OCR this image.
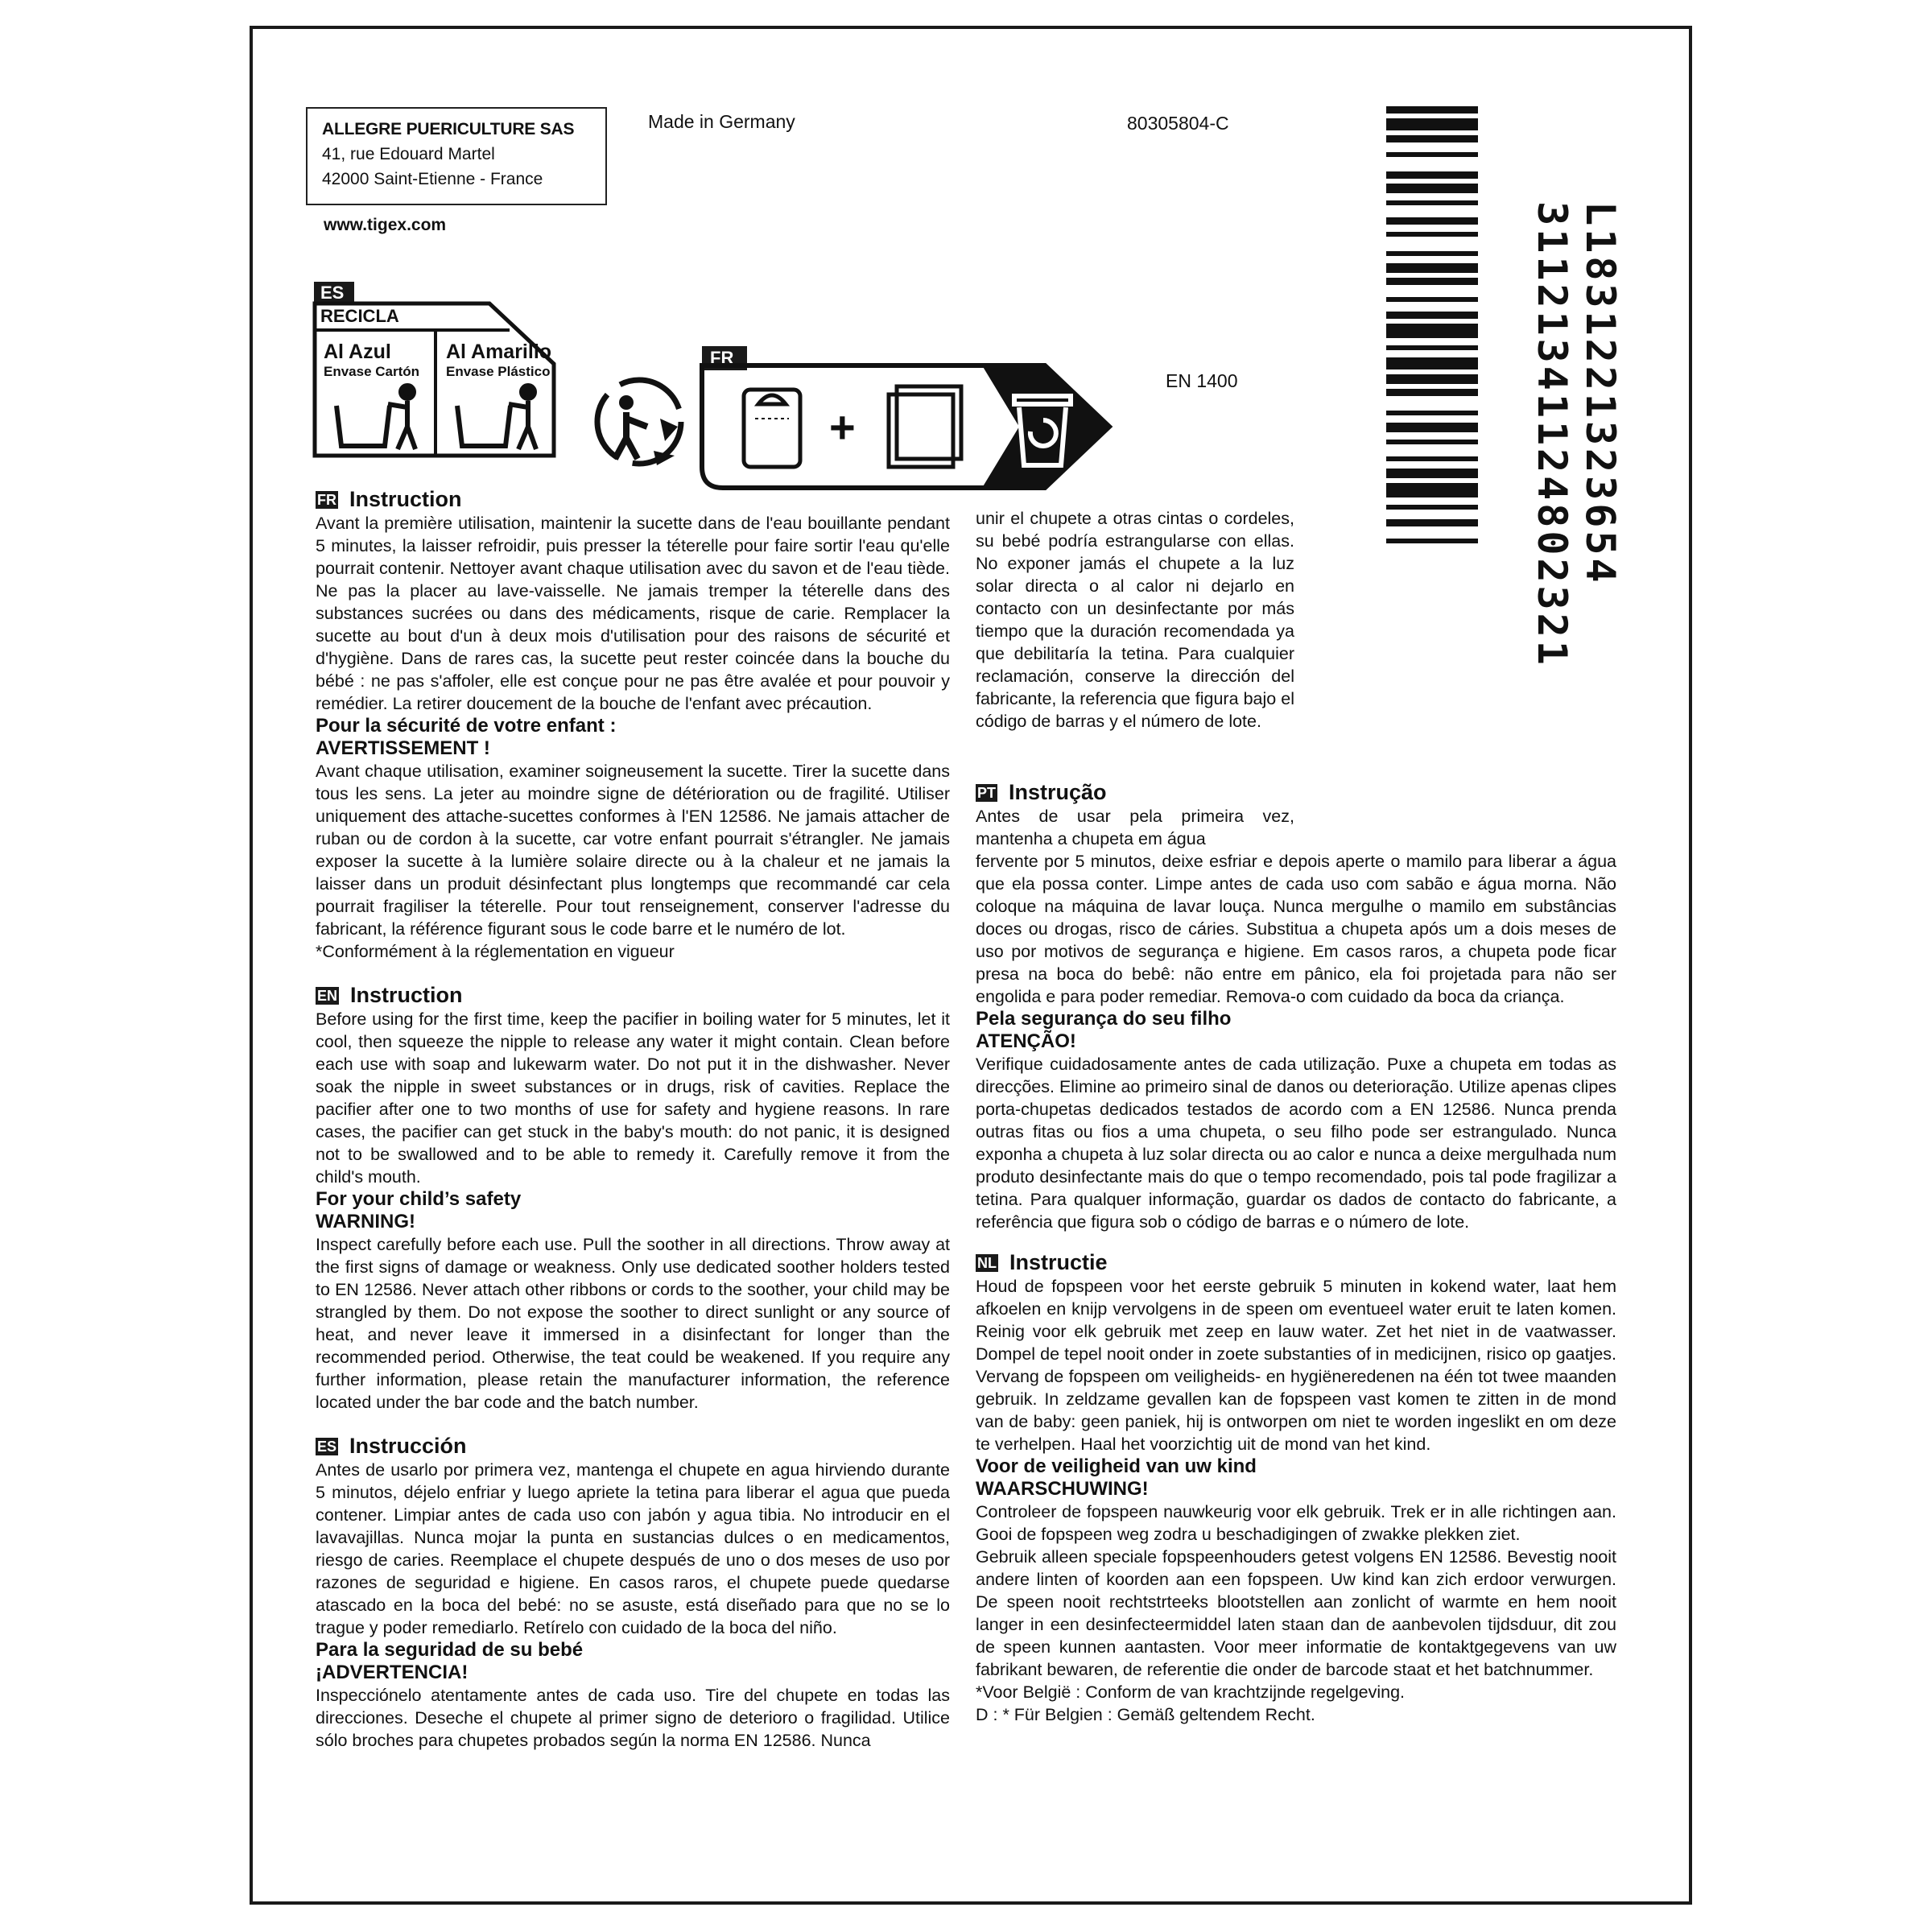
ALLEGRE PUERICULTURE SAS
41, rue Edouard Martel
42000 Saint-Etienne - France
www.tigex.com
Made in Germany	80305804-C
EN 1400	L1831221323654
31121341124802321
ES
RECICLA
Al Azul
Envase Cartón
Al Amarillo
Envase Plástico
FR
+
FR Instruction

Avant la première utilisation, maintenir la sucette dans de l'eau bouillante pendant 5 minutes, la laisser refroidir, puis presser la téterelle pour faire sortir l'eau qu'elle pourrait contenir. Nettoyer avant chaque utilisation avec du savon et de l'eau tiède. Ne pas la placer au lave-vaisselle. Ne jamais tremper la téterelle dans des substances sucrées ou dans des médicaments, risque de carie. Remplacer la sucette au bout d'un à deux mois d'utilisation pour des raisons de sécurité et d'hygiène. Dans de rares cas, la sucette peut rester coincée dans la bouche du bébé : ne pas s'affoler, elle est conçue pour ne pas être avalée et pour pouvoir y remédier. La retirer doucement de la bouche de l'enfant avec précaution.

Pour la sécurité de votre enfant :

AVERTISSEMENT !

Avant chaque utilisation, examiner soigneusement la sucette. Tirer la sucette dans tous les sens. La jeter au moindre signe de détérioration ou de fragilité. Utiliser uniquement des attache-sucettes conformes à l'EN 12586. Ne jamais attacher de ruban ou de cordon à la sucette, car votre enfant pourrait s'étrangler. Ne jamais exposer la sucette à la lumière solaire directe ou à la chaleur et ne jamais la laisser dans un produit désinfectant plus longtemps que recommandé car cela pourrait fragiliser la téterelle. Pour tout renseignement, conserver l'adresse du fabricant, la référence figurant sous le code barre et le numéro de lot.

*Conformément à la réglementation en vigueur

EN Instruction

Before using for the first time, keep the pacifier in boiling water for 5 minutes, let it cool, then squeeze the nipple to release any water it might contain. Clean before each use with soap and lukewarm water. Do not put it in the dishwasher. Never soak the nipple in sweet substances or in drugs, risk of cavities. Replace the pacifier after one to two months of use for safety and hygiene reasons. In rare cases, the pacifier can get stuck in the baby's mouth: do not panic, it is designed not to be swallowed and to be able to remedy it. Carefully remove it from the child's mouth.

For your child’s safety

WARNING!

Inspect carefully before each use. Pull the soother in all directions. Throw away at the first signs of damage or weakness. Only use dedicated soother holders tested to EN 12586. Never attach other ribbons or cords to the soother, your child may be strangled by them. Do not expose the soother to direct sunlight or any source of heat, and never leave it immersed in a disinfectant for longer than the recommended period. Otherwise, the teat could be weakened. If you require any further information, please retain the manufacturer information, the reference located under the bar code and the batch number.

ES Instrucción

Antes de usarlo por primera vez, mantenga el chupete en agua hirviendo durante 5 minutos, déjelo enfriar y luego apriete la tetina para liberar el agua que pueda contener. Limpiar antes de cada uso con jabón y agua tibia. No introducir en el lavavajillas. Nunca mojar la punta en sustancias dulces o en medicamentos, riesgo de caries. Reemplace el chupete después de uno o dos meses de uso por razones de seguridad e higiene. En casos raros, el chupete puede quedarse atascado en la boca del bebé: no se asuste, está diseñado para que no se lo trague y poder remediarlo. Retírelo con cuidado de la boca del niño.

Para la seguridad de su bebé

¡ADVERTENCIA!

Inspecciónelo atentamente antes de cada uso. Tire del chupete en todas las direcciones. Deseche el chupete al primer signo de deterioro o fragilidad. Utilice sólo broches para chupetes probados según la norma EN 12586. Nunca

unir el chupete a otras cintas o cordeles, su bebé podría estrangularse con ellas. No exponer jamás el chupete a la luz solar directa o al calor ni dejarlo en contacto con un desinfectante por más tiempo que la duración recomendada ya que debilitaría la tetina. Para cualquier reclamación, conserve la dirección del fabricante, la referencia que figura bajo el código de barras y el número de lote.

PT Instrução

Antes de usar pela primeira vez, mantenha a chupeta em água

fervente por 5 minutos, deixe esfriar e depois aperte o mamilo para liberar a água que ela possa conter. Limpe antes de cada uso com sabão e água morna. Não coloque na máquina de lavar louça. Nunca mergulhe o mamilo em substâncias doces ou drogas, risco de cáries. Substitua a chupeta após um a dois meses de uso por motivos de segurança e higiene. Em casos raros, a chupeta pode ficar presa na boca do bebê: não entre em pânico, ela foi projetada para não ser engolida e para poder remediar. Remova-o com cuidado da boca da criança.

Pela segurança do seu filho

ATENÇÃO!

Verifique cuidadosamente antes de cada utilização. Puxe a chupeta em todas as direcções. Elimine ao primeiro sinal de danos ou deterioração. Utilize apenas clipes porta-chupetas dedicados testados de acordo com a EN 12586. Nunca prenda outras fitas ou fios a uma chupeta, o seu filho pode ser estrangulado. Nunca exponha a chupeta à luz solar directa ou ao calor e nunca a deixe mergulhada num produto desinfectante mais do que o tempo recomendado, pois tal pode fragilizar a tetina. Para qualquer informação, guardar os dados de contacto do fabricante, a referência que figura sob o código de barras e o número de lote.

NL Instructie

Houd de fopspeen voor het eerste gebruik 5 minuten in kokend water, laat hem afkoelen en knijp vervolgens in de speen om eventueel water eruit te laten komen. Reinig voor elk gebruik met zeep en lauw water. Zet het niet in de vaatwasser. Dompel de tepel nooit onder in zoete substanties of in medicijnen, risico op gaatjes. Vervang de fopspeen om veiligheids- en hygiëneredenen na één tot twee maanden gebruik. In zeldzame gevallen kan de fopspeen vast komen te zitten in de mond van de baby: geen paniek, hij is ontworpen om niet te worden ingeslikt en om deze te verhelpen. Haal het voorzichtig uit de mond van het kind.

Voor de veiligheid van uw kind

WAARSCHUWING!

Controleer de fopspeen nauwkeurig voor elk gebruik. Trek er in alle richtingen aan. Gooi de fopspeen weg zodra u beschadigingen of zwakke plekken ziet.

Gebruik alleen speciale fopspeenhouders getest volgens EN 12586. Bevestig nooit andere linten of koorden aan een fopspeen. Uw kind kan zich erdoor verwurgen. De speen nooit rechtstrteeks blootstellen aan zonlicht of warmte en hem nooit langer in een desinfecteermiddel laten staan dan de aanbevolen tijdsduur, dit zou de speen kunnen aantasten. Voor meer informatie de kontaktgegevens van uw fabrikant bewaren, de referentie die onder de barcode staat et het batchnummer.

*Voor België : Conform de van krachtzijnde regelgeving.

D : * Für Belgien : Gemäß geltendem Recht.
